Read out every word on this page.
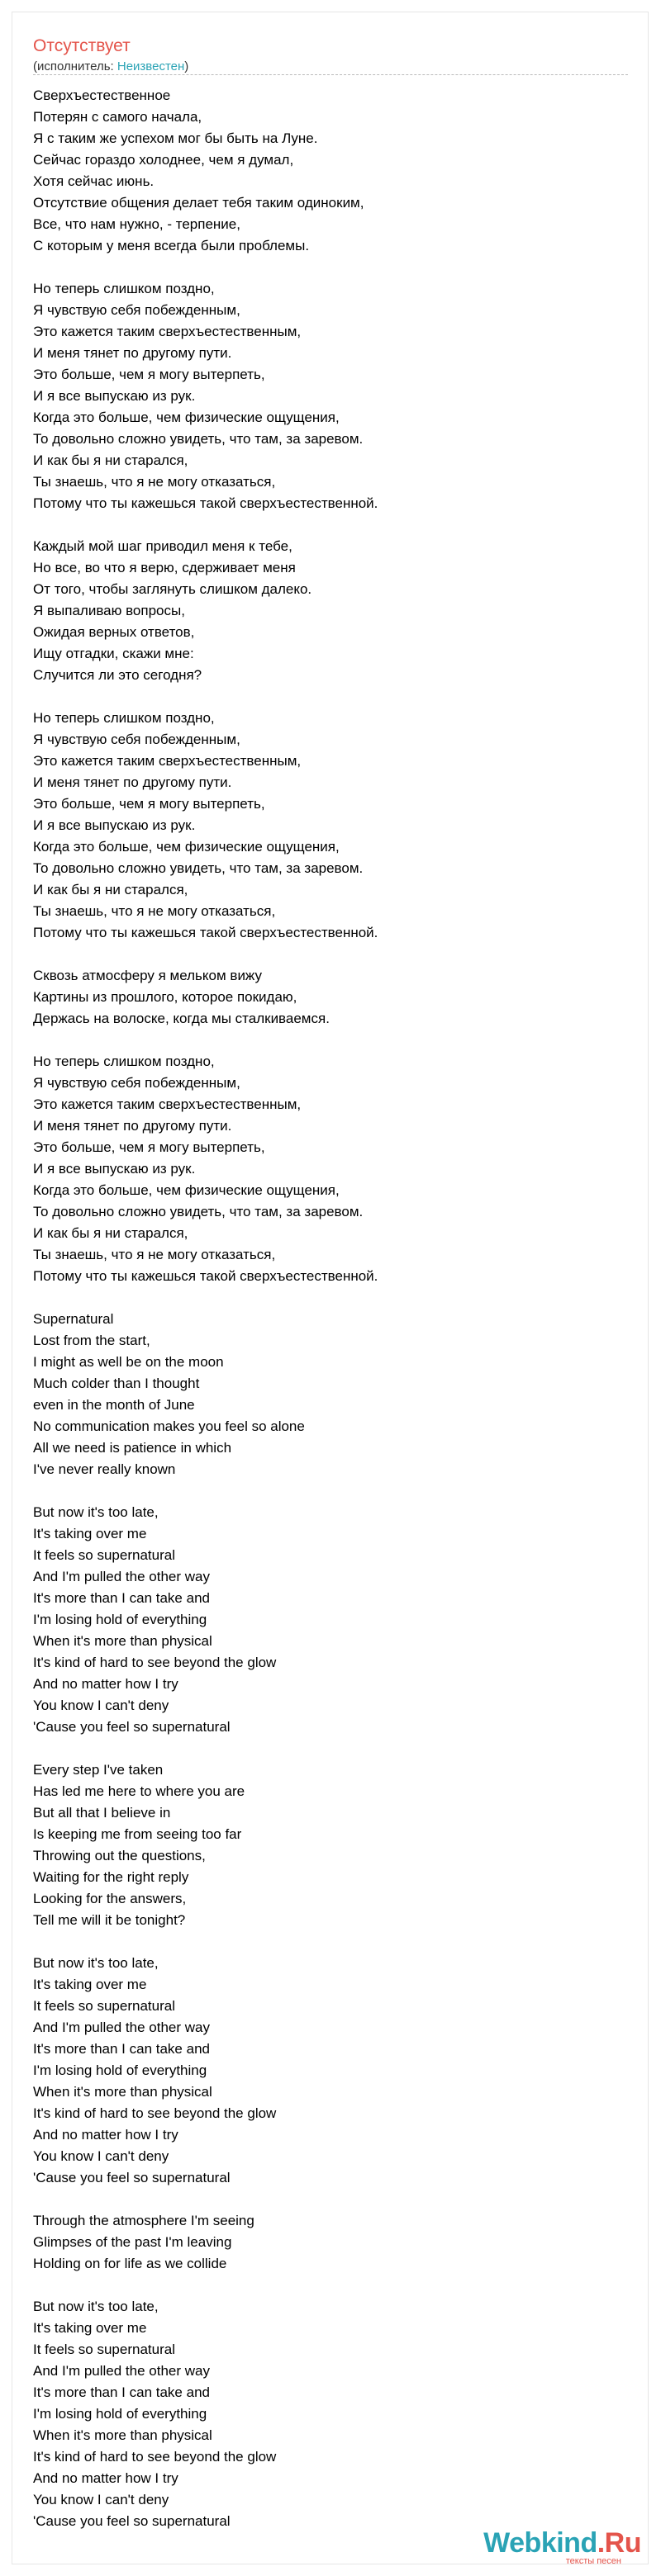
Отсутствует
(исполнитель: Неизвестен)
Сверхъестественное
Потерян с самого начала,
Я с таким же успехом мог бы быть на Луне.
Сейчас гораздо холоднее, чем я думал,
Хотя сейчас июнь.
Отсутствие общения делает тебя таким одиноким,
Все, что нам нужно, - терпение,
С которым у меня всегда были проблемы.
Но теперь слишком поздно,
Я чувствую себя побежденным,
Это кажется таким сверхъестественным,
И меня тянет по другому пути.
Это больше, чем я могу вытерпеть,
И я все выпускаю из рук.
Когда это больше, чем физические ощущения,
То довольно сложно увидеть, что там, за заревом.
И как бы я ни старался,
Ты знаешь, что я не могу отказаться,
Потому что ты кажешься такой сверхъестественной.
Каждый мой шаг приводил меня к тебе,
Но все, во что я верю, сдерживает меня
От того, чтобы заглянуть слишком далеко.
Я выпаливаю вопросы,
Ожидая верных ответов,
Ищу отгадки, скажи мне:
Случится ли это сегодня?
Но теперь слишком поздно,
Я чувствую себя побежденным,
Это кажется таким сверхъестественным,
И меня тянет по другому пути.
Это больше, чем я могу вытерпеть,
И я все выпускаю из рук.
Когда это больше, чем физические ощущения,
То довольно сложно увидеть, что там, за заревом.
И как бы я ни старался,
Ты знаешь, что я не могу отказаться,
Потому что ты кажешься такой сверхъестественной.
Сквозь атмосферу я мельком вижу
Картины из прошлого, которое покидаю,
Держась на волоске, когда мы сталкиваемся.
Но теперь слишком поздно,
Я чувствую себя побежденным,
Это кажется таким сверхъестественным,
И меня тянет по другому пути.
Это больше, чем я могу вытерпеть,
И я все выпускаю из рук.
Когда это больше, чем физические ощущения,
То довольно сложно увидеть, что там, за заревом.
И как бы я ни старался,
Ты знаешь, что я не могу отказаться,
Потому что ты кажешься такой сверхъестественной.
Supernatural
Lost from the start,
I might as well be on the moon
Much colder than I thought
even in the month of June
No communication makes you feel so alone
All we need is patience in which
I've never really known
But now it's too late,
It's taking over me
It feels so supernatural
And I'm pulled the other way
It's more than I can take and
I'm losing hold of everything
When it's more than physical
It's kind of hard to see beyond the glow
And no matter how I try
You know I can't deny
'Cause you feel so supernatural
Every step I've taken
Has led me here to where you are
But all that I believe in
Is keeping me from seeing too far
Throwing out the questions,
Waiting for the right reply
Looking for the answers,
Tell me will it be tonight?
But now it's too late,
It's taking over me
It feels so supernatural
And I'm pulled the other way
It's more than I can take and
I'm losing hold of everything
When it's more than physical
It's kind of hard to see beyond the glow
And no matter how I try
You know I can't deny
'Cause you feel so supernatural
Through the atmosphere I'm seeing
Glimpses of the past I'm leaving
Holding on for life as we collide
But now it's too late,
It's taking over me
It feels so supernatural
And I'm pulled the other way
It's more than I can take and
I'm losing hold of everything
When it's more than physical
It's kind of hard to see beyond the glow
And no matter how I try
You know I can't deny
'Cause you feel so supernatural
Webkind.Ru
тексты песен
